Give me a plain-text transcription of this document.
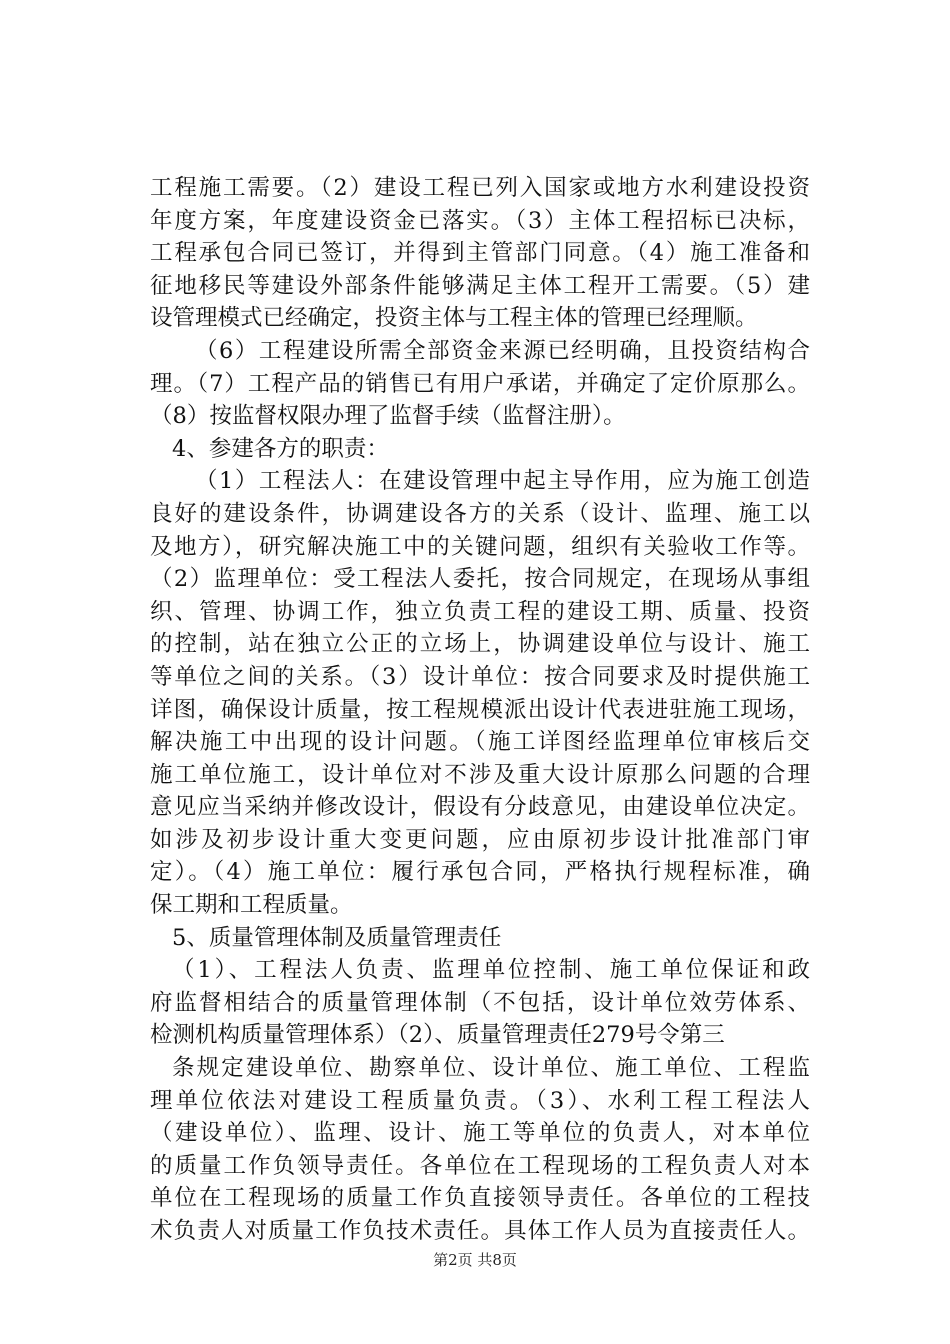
工程施工需要。（2）建设工程已列入国家或地方水利建设投资
年度方案，年度建设资金已落实。（3）主体工程招标已决标，
工程承包合同已签订，并得到主管部门同意。（4）施工准备和
征地移民等建设外部条件能够满足主体工程开工需要。（5）建
设管理模式已经确定，投资主体与工程主体的管理已经理顺。
（6）工程建设所需全部资金来源已经明确，且投资结构合
理。（7）工程产品的销售已有用户承诺，并确定了定价原那么。
（8）按监督权限办理了监督手续（监督注册）。
4、参建各方的职责：
（1）工程法人：在建设管理中起主导作用，应为施工创造
良好的建设条件，协调建设各方的关系（设计、监理、施工以
及地方），研究解决施工中的关键问题，组织有关验收工作等。
（2）监理单位：受工程法人委托，按合同规定，在现场从事组
织、管理、协调工作，独立负责工程的建设工期、质量、投资
的控制，站在独立公正的立场上，协调建设单位与设计、施工
等单位之间的关系。（3）设计单位：按合同要求及时提供施工
详图，确保设计质量，按工程规模派出设计代表进驻施工现场，
解决施工中出现的设计问题。（施工详图经监理单位审核后交
施工单位施工，设计单位对不涉及重大设计原那么问题的合理
意见应当采纳并修改设计，假设有分歧意见，由建设单位决定。
如涉及初步设计重大变更问题，应由原初步设计批准部门审
定）。（4）施工单位：履行承包合同，严格执行规程标准，确
保工期和工程质量。
5、质量管理体制及质量管理责任
（1）、工程法人负责、监理单位控制、施工单位保证和政
府监督相结合的质量管理体制（不包括，设计单位效劳体系、
检测机构质量管理体系）（2）、质量管理责任279号令第三
条规定建设单位、勘察单位、设计单位、施工单位、工程监
理单位依法对建设工程质量负责。（3）、水利工程工程法人
（建设单位）、监理、设计、施工等单位的负责人，对本单位
的质量工作负领导责任。各单位在工程现场的工程负责人对本
单位在工程现场的质量工作负直接领导责任。各单位的工程技
术负责人对质量工作负技术责任。具体工作人员为直接责任人。
第2页 共8页
